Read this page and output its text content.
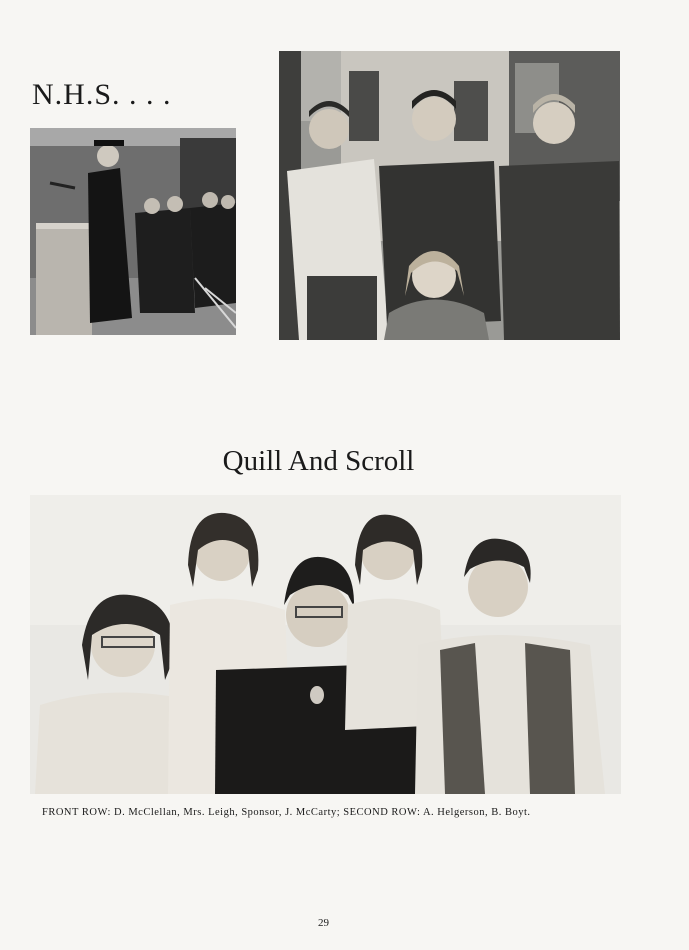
N.H.S. . . .
Quill And Scroll
FRONT ROW: D. McClellan, Mrs. Leigh, Sponsor, J. McCarty; SECOND ROW: A. Helgerson, B. Boyt.
29
